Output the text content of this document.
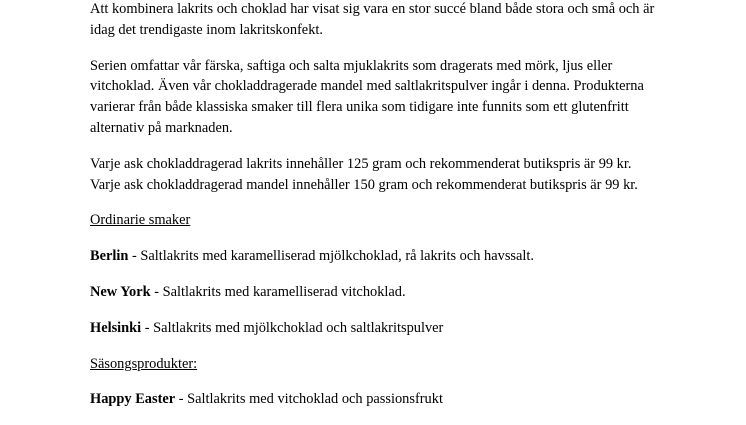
Att kombinera lakrits och choklad har visat sig vara en stor succé bland både stora och små och är idag det trendigaste inom lakritskonfekt.

Serien omfattar vår färska, saftiga och salta mjuklakrits som dragerats med mörk, ljus eller vitchoklad. Även vår chokladdragerade mandel med saltlakritspulver ingår i denna. Produkterna varierar från både klassiska smaker till flera unika som tidigare inte funnits som ett glutenfritt alternativ på marknaden.

Varje ask chokladdragerad lakrits innehåller 125 gram och rekommenderat butikspris är 99 kr. Varje ask chokladdragerad mandel innehåller 150 gram och rekommenderat butikspris är 99 kr.

Ordinarie smaker

Berlin - Saltlakrits med karamelliserad mjölkchoklad, rå lakrits och havssalt.

New York - Saltlakrits med karamelliserad vitchoklad.

Helsinki - Saltlakrits med mjölkchoklad och saltlakritspulver

Säsongsprodukter:

Happy Easter - Saltlakrits med vitchoklad och passionsfrukt
